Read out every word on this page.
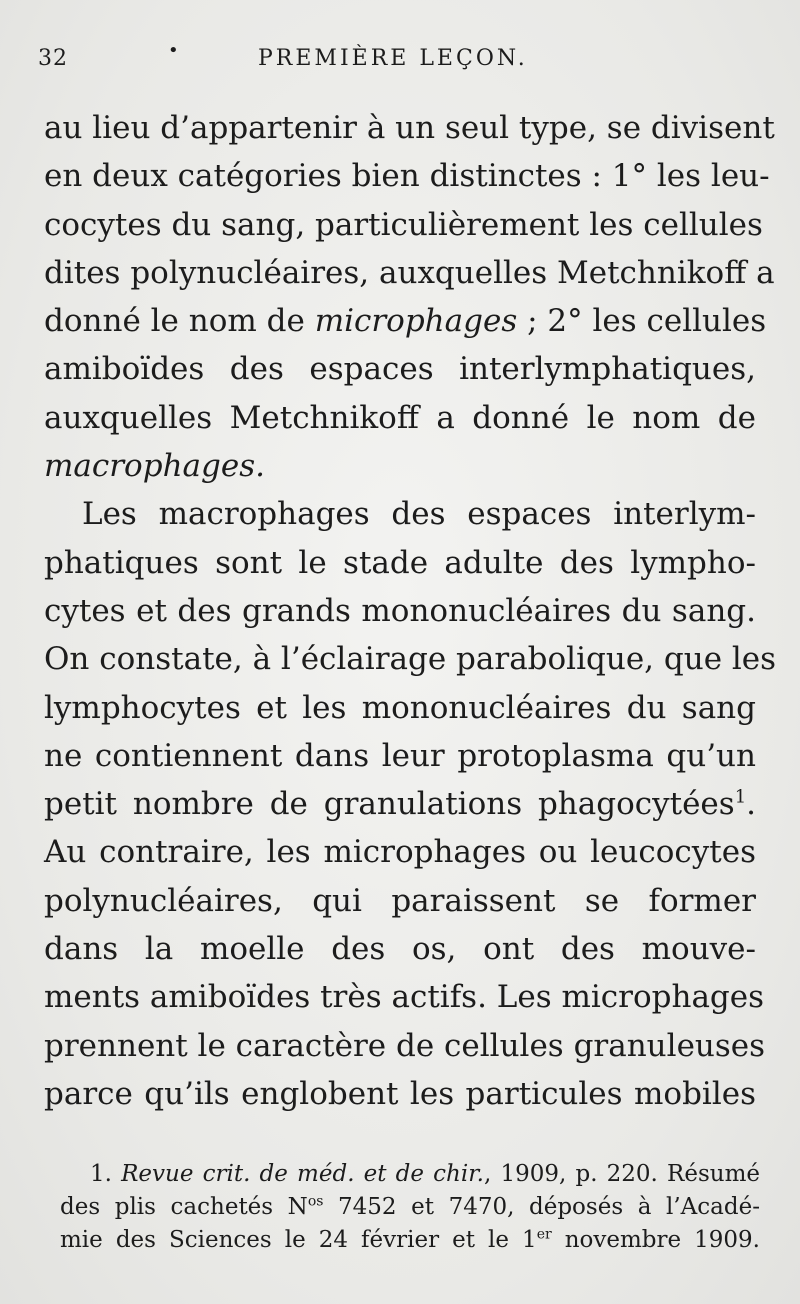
32	•	PREMIÈRE LEÇON.
au lieu d’appartenir à un seul type, se divisent
en deux catégories bien distinctes : 1° les leu-
cocytes du sang, particulièrement les cellules
dites polynucléaires, auxquelles Metchnikoff a
donné le nom de microphages ; 2° les cellules
amiboïdes des espaces interlymphatiques,
auxquelles Metchnikoff a donné le nom de
macrophages.
Les macrophages des espaces interlym-
phatiques sont le stade adulte des lympho-
cytes et des grands mononucléaires du sang.
On constate, à l’éclairage parabolique, que les
lymphocytes et les mononucléaires du sang
ne contiennent dans leur protoplasma qu’un
petit nombre de granulations phagocytées$^1$.
Au contraire, les microphages ou leucocytes
polynucléaires, qui paraissent se former
dans la moelle des os, ont des mouve-
ments amiboïdes très actifs. Les microphages
prennent le caractère de cellules granuleuses
parce qu’ils englobent les particules mobiles
1. Revue crit. de méd. et de chir., 1909, p. 220. Résumé
des plis cachetés N$^{os}$ 7452 et 7470, déposés à l’Acadé-
mie des Sciences le 24 février et le 1er novembre 1909.
